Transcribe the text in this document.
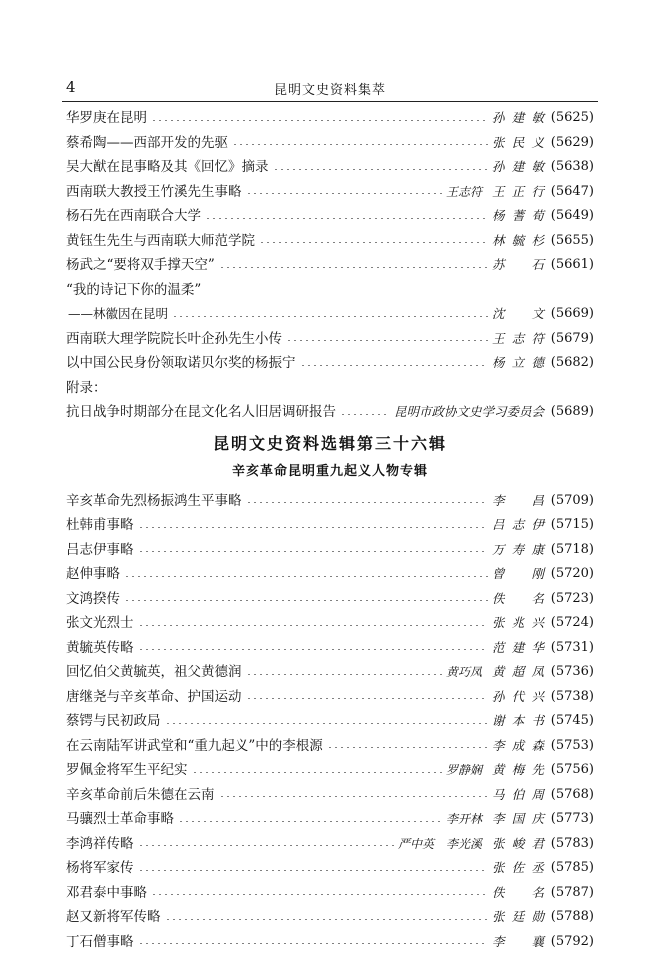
4	昆明文史资料集萃
华罗庚在昆明	孙建敏 (5625)
蔡希陶——西部开发的先驱	张民义 (5629)
吴大猷在昆事略及其《回忆》摘录	孙建敏 (5638)
西南联大教授王竹溪先生事略	王志符 王正行 (5647)
杨石先在西南联合大学	杨蓍荀 (5649)
黄钰生先生与西南联大师范学院	林毓杉 (5655)
杨武之“要将双手撑天空”	苏　石 (5661)
“我的诗记下你的温柔”
——林徽因在昆明	沈　文 (5669)
西南联大理学院院长叶企孙先生小传	王志符 (5679)
以中国公民身份领取诺贝尔奖的杨振宁	杨立德 (5682)
附录：
抗日战争时期部分在昆文化名人旧居调研报告	昆明市政协文史学习委员会 (5689)
昆明文史资料选辑第三十六辑
辛亥革命昆明重九起义人物专辑
辛亥革命先烈杨振鸿生平事略	李　昌 (5709)
杜韩甫事略	吕志伊 (5715)
吕志伊事略	万寿康 (5718)
赵伸事略	曾　刚 (5720)
文鸿揆传	佚　名 (5723)
张文光烈士	张兆兴 (5724)
黄毓英传略	范建华 (5731)
回忆伯父黄毓英，祖父黄德润	黄巧凤 黄超凤 (5736)
唐继尧与辛亥革命、护国运动	孙代兴 (5738)
蔡锷与民初政局	谢本书 (5745)
在云南陆军讲武堂和“重九起义”中的李根源	李成森 (5753)
罗佩金将军生平纪实	罗静娴 黄梅先 (5756)
辛亥革命前后朱德在云南	马伯周 (5768)
马骧烈士革命事略	李开林 李国庆 (5773)
李鸿祥传略	严中英　李光溪 张峻君 (5783)
杨将军家传	张佐丞 (5785)
邓君泰中事略	佚　名 (5787)
赵又新将军传略	张廷勋 (5788)
丁石僧事略	李　襄 (5792)
